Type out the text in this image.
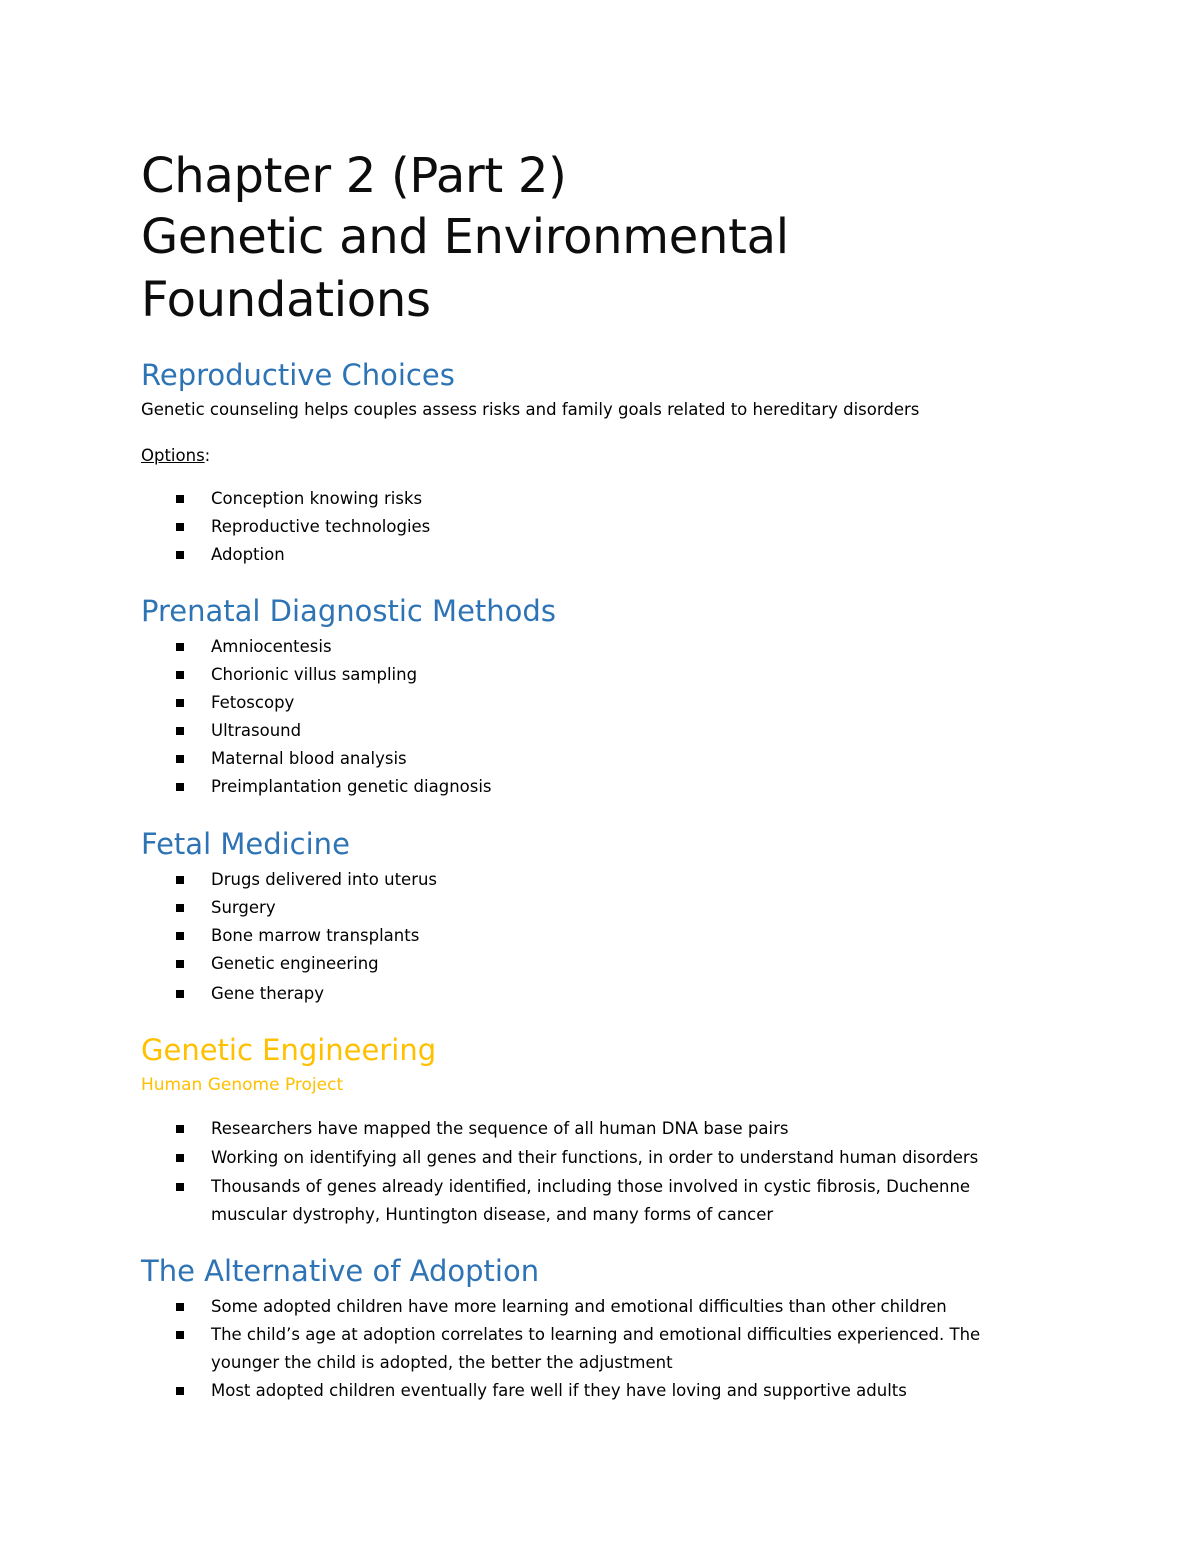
Chapter 2 (Part 2)
Genetic and Environmental
Foundations
Reproductive Choices
Genetic counseling helps couples assess risks and family goals related to hereditary disorders
Options:
Conception knowing risks
Reproductive technologies
Adoption
Prenatal Diagnostic Methods
Amniocentesis
Chorionic villus sampling
Fetoscopy
Ultrasound
Maternal blood analysis
Preimplantation genetic diagnosis
Fetal Medicine
Drugs delivered into uterus
Surgery
Bone marrow transplants
Genetic engineering
Gene therapy
Genetic Engineering
Human Genome Project
Researchers have mapped the sequence of all human DNA base pairs
Working on identifying all genes and their functions, in order to understand human disorders
Thousands of genes already identified, including those involved in cystic fibrosis, Duchenne
muscular dystrophy, Huntington disease, and many forms of cancer
The Alternative of Adoption
Some adopted children have more learning and emotional difficulties than other children
The child’s age at adoption correlates to learning and emotional difficulties experienced. The
younger the child is adopted, the better the adjustment
Most adopted children eventually fare well if they have loving and supportive adults
